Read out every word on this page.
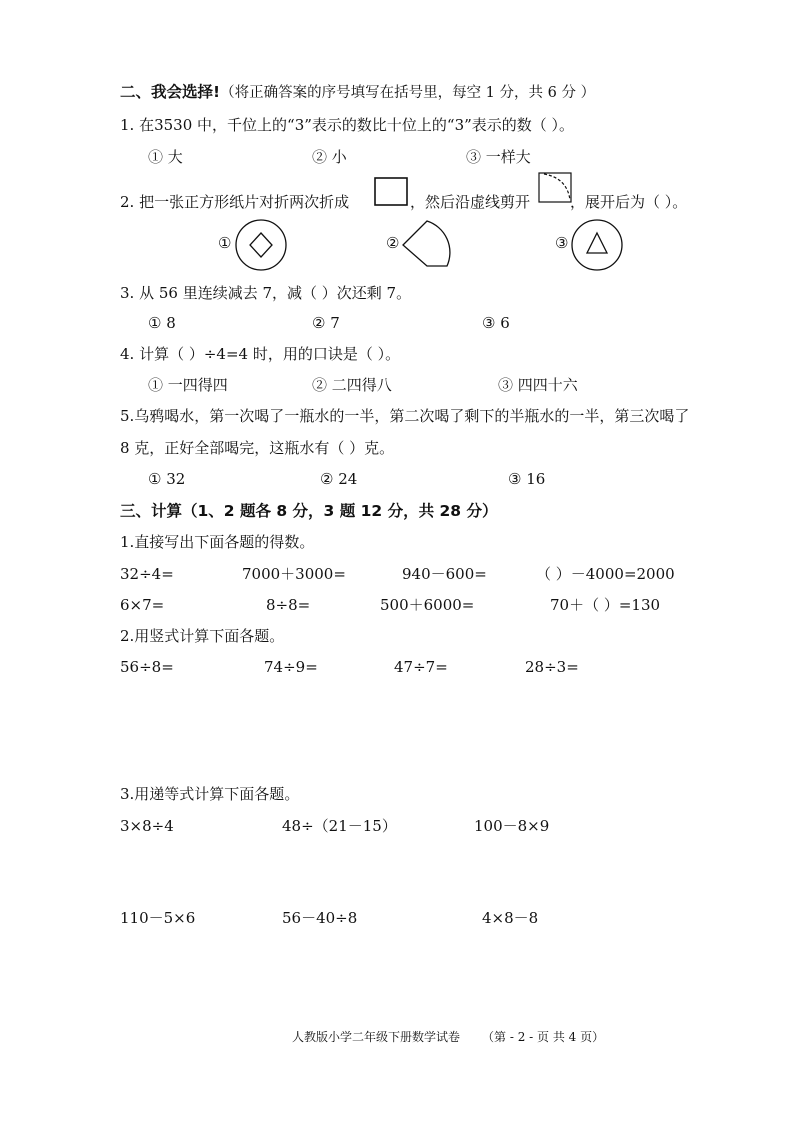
二、我会选择!（将正确答案的序号填写在括号里，每空 1 分，共 6 分 ）
1. 在3530 中，千位上的“3”表示的数比十位上的“3”表示的数（ ）。
① 大	② 小	③ 一样大
2. 把一张正方形纸片对折两次折成	，然后沿虚线剪开	，展开后为（ ）。
①	②	③
3. 从 56 里连续减去 7，减（ ）次还剩 7。
① 8	② 7	③ 6
4. 计算（ ）÷4=4 时，用的口诀是（ ）。
① 一四得四	② 二四得八	③ 四四十六
5.乌鸦喝水，第一次喝了一瓶水的一半，第二次喝了剩下的半瓶水的一半，第三次喝了
8 克，正好全部喝完，这瓶水有（ ）克。
① 32	② 24	③ 16
三、计算（1、2 题各 8 分，3 题 12 分，共 28 分）
1.直接写出下面各题的得数。
32÷4=	7000＋3000=	940－600=	（ ）－4000=2000
6×7=	8÷8=	500＋6000=	70＋（ ）=130
2.用竖式计算下面各题。
56÷8=	74÷9=	47÷7=	28÷3=
3.用递等式计算下面各题。
3×8÷4	48÷（21－15）	100－8×9
110－5×6	56－40÷8	4×8－8
人教版小学二年级下册数学试卷 （第 - 2 - 页 共 4 页）
